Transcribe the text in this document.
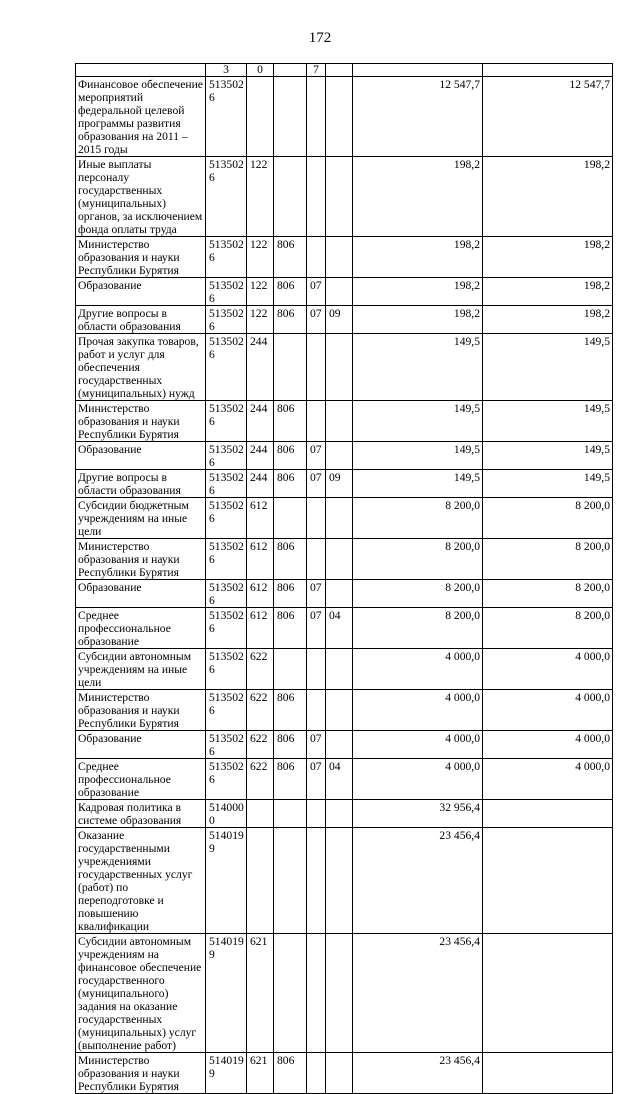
172
	3	0		7			
Финансовое обеспечение мероприятий федеральной целевой программы развития образования на 2011 – 2015 годы	5135026					12 547,7	12 547,7
Иные выплаты персоналу государственных (муниципальных) органов, за исключением фонда оплаты труда	5135026	122				198,2	198,2
Министерство образования и науки Республики Бурятия	5135026	122	806			198,2	198,2
Образование	5135026	122	806	07		198,2	198,2
Другие вопросы в области образования	5135026	122	806	07	09	198,2	198,2
Прочая закупка товаров, работ и услуг для обеспечения государственных (муниципальных) нужд	5135026	244				149,5	149,5
Министерство образования и науки Республики Бурятия	5135026	244	806			149,5	149,5
Образование	5135026	244	806	07		149,5	149,5
Другие вопросы в области образования	5135026	244	806	07	09	149,5	149,5
Субсидии бюджетным учреждениям на иные цели	5135026	612				8 200,0	8 200,0
Министерство образования и науки Республики Бурятия	5135026	612	806			8 200,0	8 200,0
Образование	5135026	612	806	07		8 200,0	8 200,0
Среднее профессиональное образование	5135026	612	806	07	04	8 200,0	8 200,0
Субсидии автономным учреждениям на иные цели	5135026	622				4 000,0	4 000,0
Министерство образования и науки Республики Бурятия	5135026	622	806			4 000,0	4 000,0
Образование	5135026	622	806	07		4 000,0	4 000,0
Среднее профессиональное образование	5135026	622	806	07	04	4 000,0	4 000,0
Кадровая политика в системе образования	5140000					32 956,4	
Оказание государственными учреждениями государственных услуг (работ) по переподготовке и повышению квалификации	5140199					23 456,4	
Субсидии автономным учреждениям на финансовое обеспечение государственного (муниципального) задания на оказание государственных (муниципальных) услуг (выполнение работ)	5140199	621				23 456,4	
Министерство образования и науки Республики Бурятия	5140199	621	806			23 456,4	
